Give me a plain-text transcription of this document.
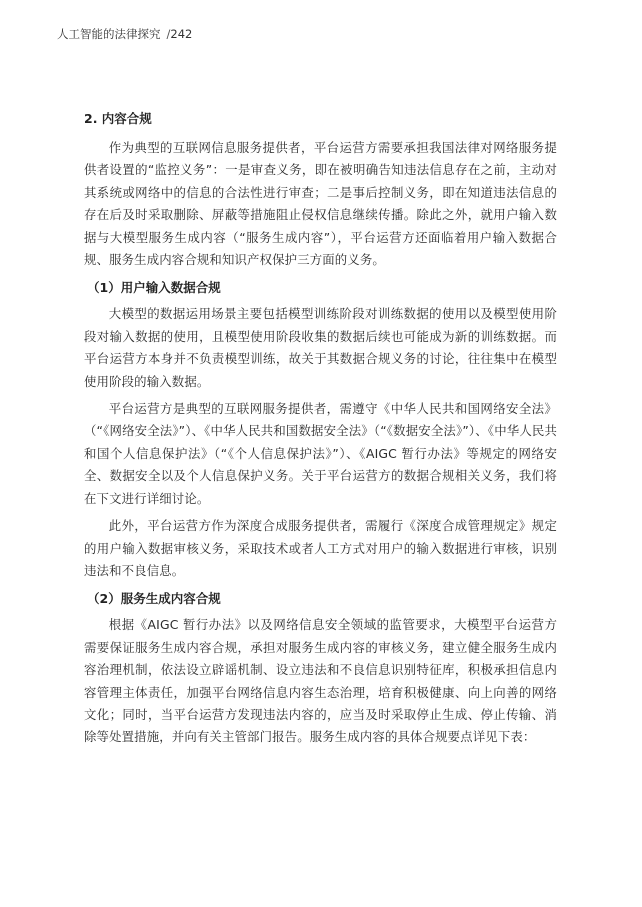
人工智能的法律探究 /242
2. 内容合规

作为典型的互联网信息服务提供者，平台运营方需要承担我国法律对网络服务提供者设置的“监控义务”：一是审查义务，即在被明确告知违法信息存在之前，主动对其系统或网络中的信息的合法性进行审查；二是事后控制义务，即在知道违法信息的存在后及时采取删除、屏蔽等措施阻止侵权信息继续传播。除此之外，就用户输入数据与大模型服务生成内容（“服务生成内容”），平台运营方还面临着用户输入数据合规、服务生成内容合规和知识产权保护三方面的义务。

（1）用户输入数据合规

大模型的数据运用场景主要包括模型训练阶段对训练数据的使用以及模型使用阶段对输入数据的使用，且模型使用阶段收集的数据后续也可能成为新的训练数据。而平台运营方本身并不负责模型训练，故关于其数据合规义务的讨论，往往集中在模型使用阶段的输入数据。

平台运营方是典型的互联网服务提供者，需遵守《中华人民共和国网络安全法》（“《网络安全法》”）、《中华人民共和国数据安全法》（“《数据安全法》”）、《中华人民共和国个人信息保护法》（“《个人信息保护法》”）、《AIGC 暂行办法》等规定的网络安全、数据安全以及个人信息保护义务。关于平台运营方的数据合规相关义务，我们将在下文进行详细讨论。

此外，平台运营方作为深度合成服务提供者，需履行《深度合成管理规定》规定的用户输入数据审核义务，采取技术或者人工方式对用户的输入数据进行审核，识别违法和不良信息。

（2）服务生成内容合规

根据《AIGC 暂行办法》以及网络信息安全领域的监管要求，大模型平台运营方需要保证服务生成内容合规，承担对服务生成内容的审核义务，建立健全服务生成内容治理机制，依法设立辟谣机制、设立违法和不良信息识别特征库，积极承担信息内容管理主体责任，加强平台网络信息内容生态治理，培育积极健康、向上向善的网络文化；同时，当平台运营方发现违法内容的，应当及时采取停止生成、停止传输、消除等处置措施，并向有关主管部门报告。服务生成内容的具体合规要点详见下表：
